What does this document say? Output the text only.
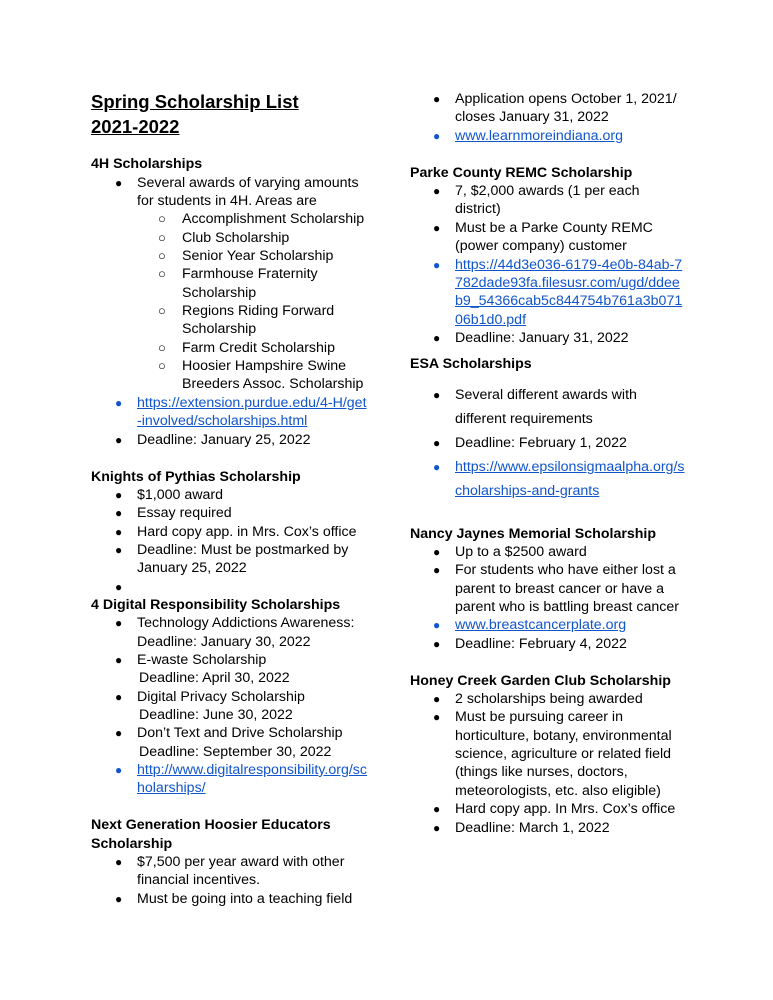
Spring Scholarship List
2021-2022
4H Scholarships
● Several awards of varying amounts
for students in 4H. Areas are
○ Accomplishment Scholarship
○ Club Scholarship
○ Senior Year Scholarship
○ Farmhouse Fraternity
Scholarship
○ Regions Riding Forward
Scholarship
○ Farm Credit Scholarship
○ Hoosier Hampshire Swine
Breeders Assoc. Scholarship
● https://extension.purdue.edu/4-H/get
-involved/scholarships.html
● Deadline: January 25, 2022
Knights of Pythias Scholarship
● $1,000 award
● Essay required
● Hard copy app. in Mrs. Cox’s office
● Deadline: Must be postmarked by
January 25, 2022
●
4 Digital Responsibility Scholarships
● Technology Addictions Awareness:
Deadline: January 30, 2022
● E-waste Scholarship
Deadline: April 30, 2022
● Digital Privacy Scholarship
Deadline: June 30, 2022
● Don’t Text and Drive Scholarship
Deadline: September 30, 2022
● http://www.digitalresponsibility.org/sc
holarships/
Next Generation Hoosier Educators
Scholarship
● $7,500 per year award with other
financial incentives.
● Must be going into a teaching field
● Application opens October 1, 2021/
closes January 31, 2022
● www.learnmoreindiana.org
Parke County REMC Scholarship
● 7, $2,000 awards (1 per each
district)
● Must be a Parke County REMC
(power company) customer
● https://44d3e036-6179-4e0b-84ab-7
782dade93fa.filesusr.com/ugd/ddee
b9_54366cab5c844754b761a3b071
06b1d0.pdf
● Deadline: January 31, 2022
ESA Scholarships
● Several different awards with
different requirements
● Deadline: February 1, 2022
● https://www.epsilonsigmaalpha.org/s
cholarships-and-grants
Nancy Jaynes Memorial Scholarship
● Up to a $2500 award
● For students who have either lost a
parent to breast cancer or have a
parent who is battling breast cancer
● www.breastcancerplate.org
● Deadline: February 4, 2022
Honey Creek Garden Club Scholarship
● 2 scholarships being awarded
● Must be pursuing career in
horticulture, botany, environmental
science, agriculture or related field
(things like nurses, doctors,
meteorologists, etc. also eligible)
● Hard copy app. In Mrs. Cox’s office
● Deadline: March 1, 2022
